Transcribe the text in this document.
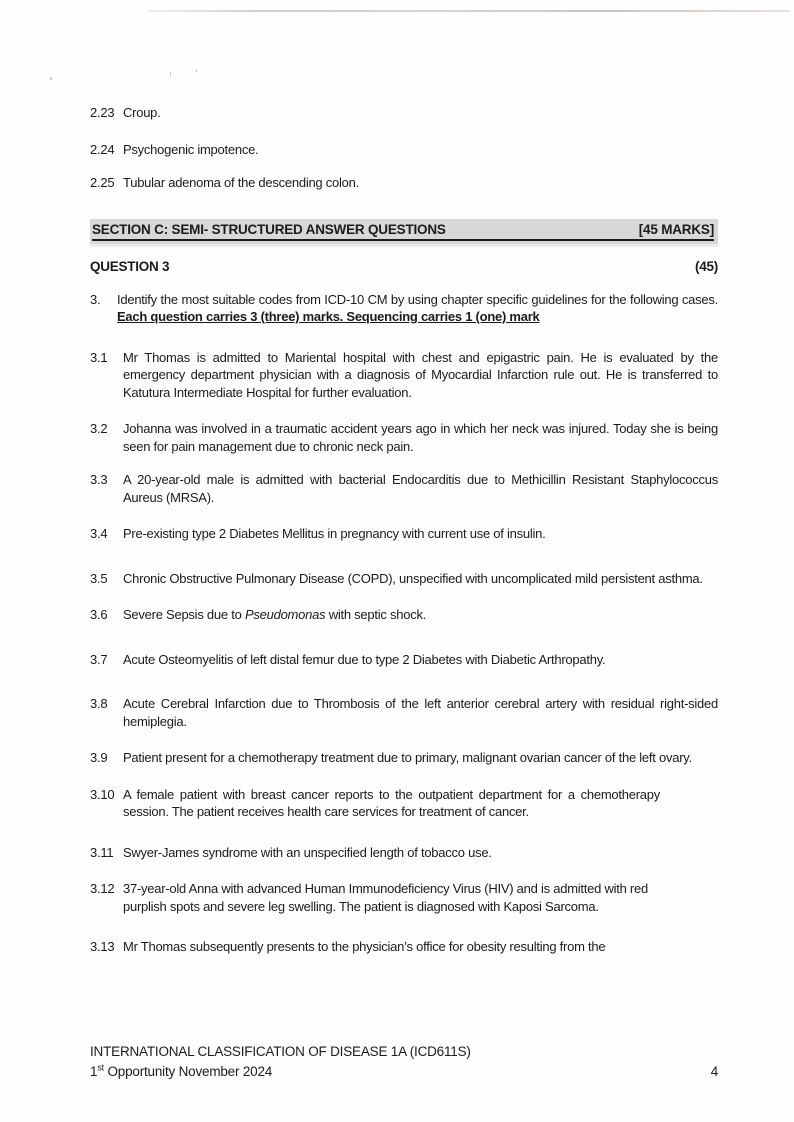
2.23 Croup.
2.24 Psychogenic impotence.
2.25 Tubular adenoma of the descending colon.
SECTION C: SEMI- STRUCTURED ANSWER QUESTIONS	[45 MARKS]
QUESTION 3	(45)
3.	Identify the most suitable codes from ICD-10 CM by using chapter specific guidelines for the following cases. Each question carries 3 (three) marks. Sequencing carries 1 (one) mark
3.1	Mr Thomas is admitted to Mariental hospital with chest and epigastric pain. He is evaluated by the emergency department physician with a diagnosis of Myocardial Infarction rule out. He is transferred to Katutura Intermediate Hospital for further evaluation.
3.2	Johanna was involved in a traumatic accident years ago in which her neck was injured. Today she is being seen for pain management due to chronic neck pain.
3.3	A 20-year-old male is admitted with bacterial Endocarditis due to Methicillin Resistant Staphylococcus Aureus (MRSA).
3.4	Pre-existing type 2 Diabetes Mellitus in pregnancy with current use of insulin.
3.5	Chronic Obstructive Pulmonary Disease (COPD), unspecified with uncomplicated mild persistent asthma.
3.6	Severe Sepsis due to Pseudomonas with septic shock.
3.7	Acute Osteomyelitis of left distal femur due to type 2 Diabetes with Diabetic Arthropathy.
3.8	Acute Cerebral Infarction due to Thrombosis of the left anterior cerebral artery with residual right-sided hemiplegia.
3.9	Patient present for a chemotherapy treatment due to primary, malignant ovarian cancer of the left ovary.
3.10 A female patient with breast cancer reports to the outpatient department for a chemotherapy session. The patient receives health care services for treatment of cancer.
3.11 Swyer-James syndrome with an unspecified length of tobacco use.
3.12 37-year-old Anna with advanced Human Immunodeficiency Virus (HIV) and is admitted with red purplish spots and severe leg swelling. The patient is diagnosed with Kaposi Sarcoma.
3.13 Mr Thomas subsequently presents to the physician’s office for obesity resulting from the
INTERNATIONAL CLASSIFICATION OF DISEASE 1A (ICD611S)
1st Opportunity November 2024	4
